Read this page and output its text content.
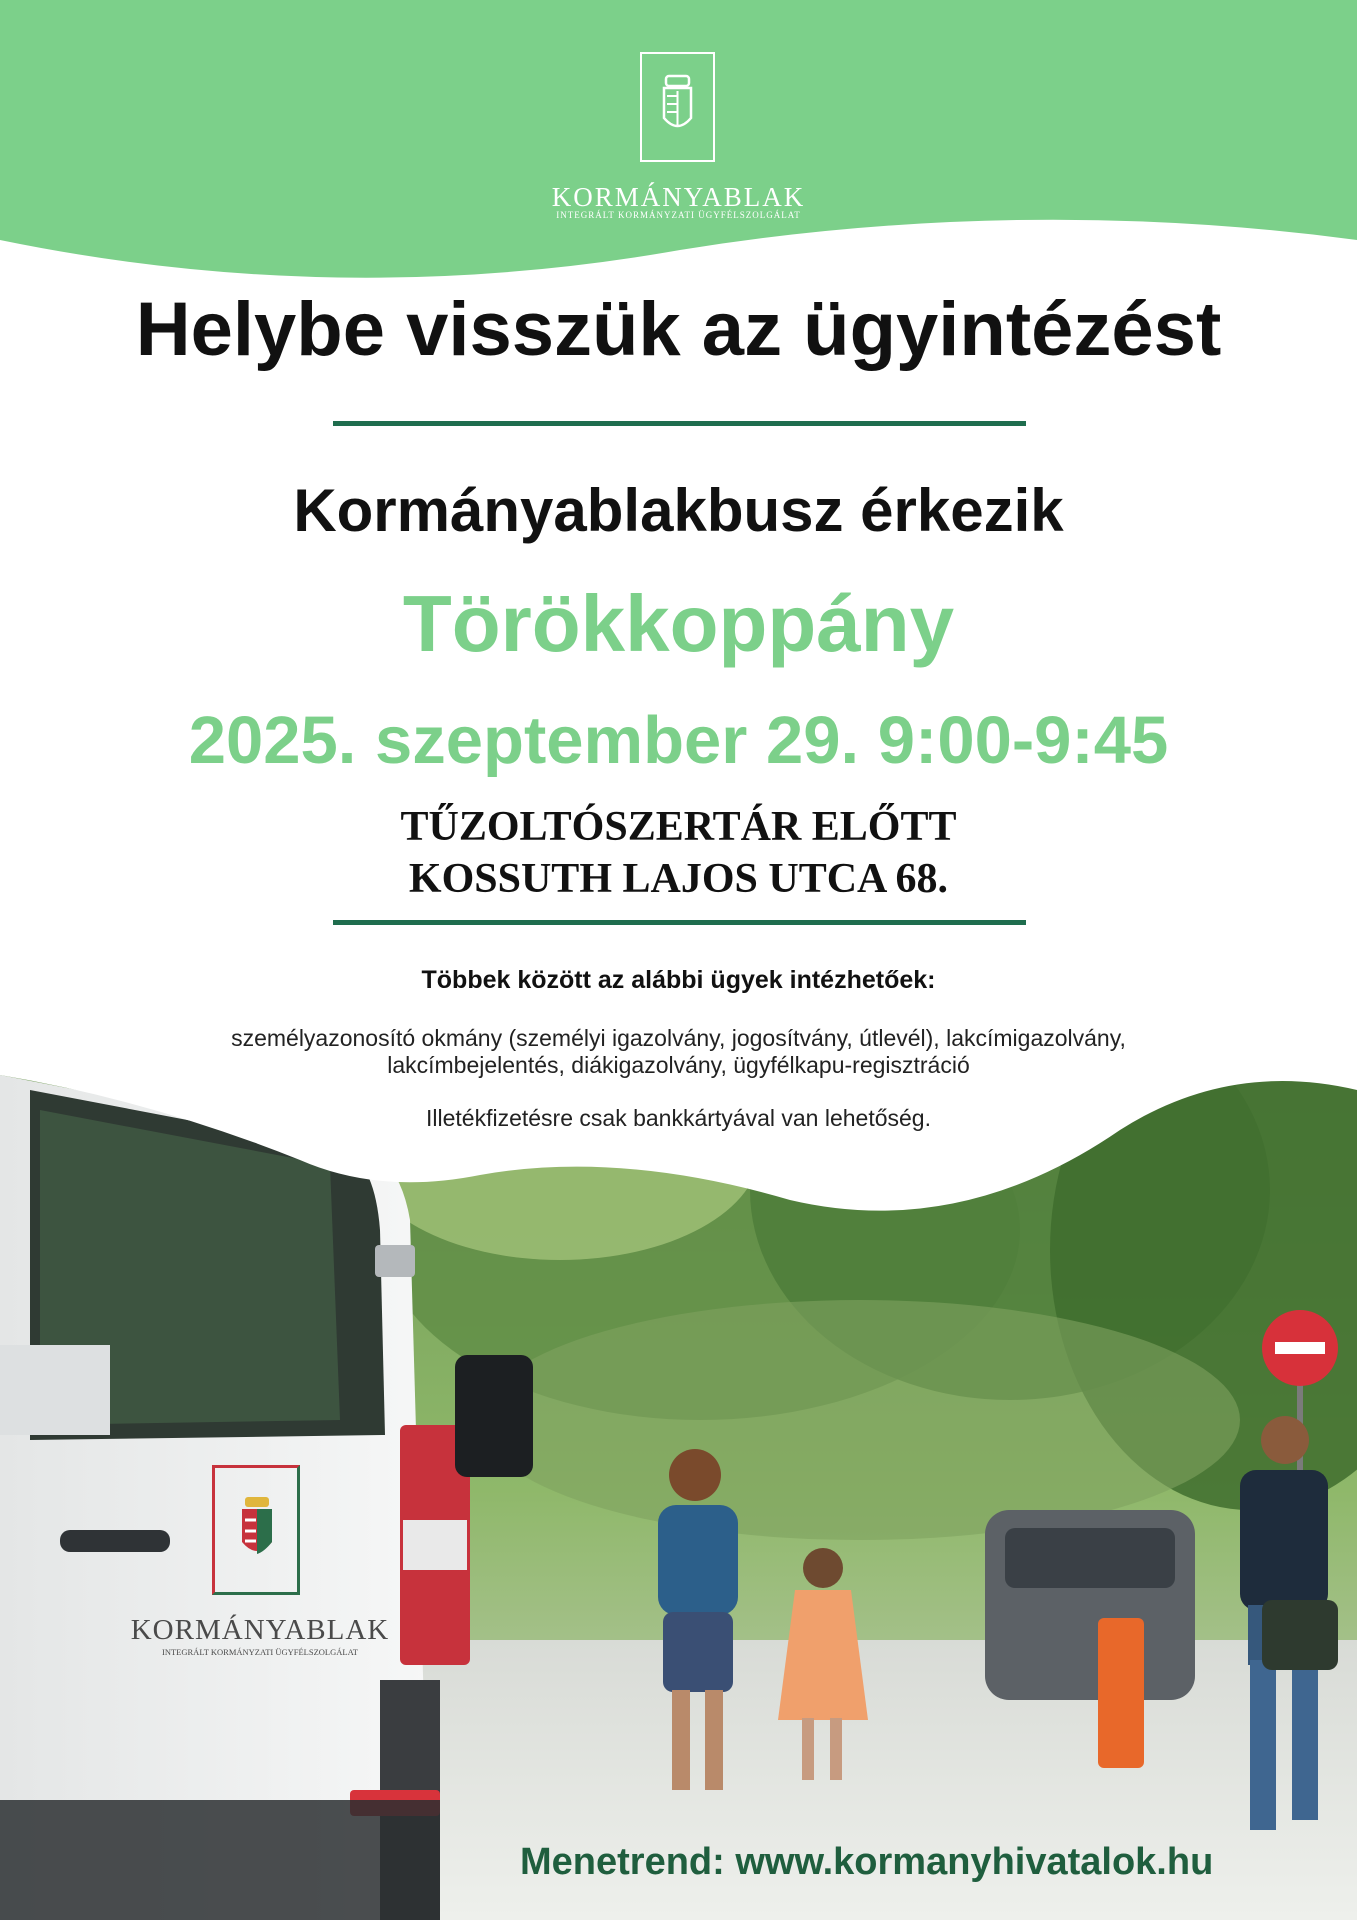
KORMÁNYABLAK

INTEGRÁLT KORMÁNYZATI ÜGYFÉLSZOLGÁLAT

Helybe visszük az ügyintézést
Kormányablakbusz érkezik

Törökkoppány

2025. szeptember 29. 9:00-9:45

TŰZOLTÓSZERTÁR ELŐTT
KOSSUTH LAJOS UTCA 68.

Többek között az alábbi ügyek intézhetőek:

személyazonosító okmány (személyi igazolvány, jogosítvány, útlevél), lakcímigazolvány,
lakcímbejelentés, diákigazolvány, ügyfélkapu-regisztráció

Illetékfizetésre csak bankkártyával van lehetőség.

KORMÁNYABLAK

INTEGRÁLT KORMÁNYZATI ÜGYFÉLSZOLGÁLAT

Menetrend: www.kormanyhivatalok.hu
